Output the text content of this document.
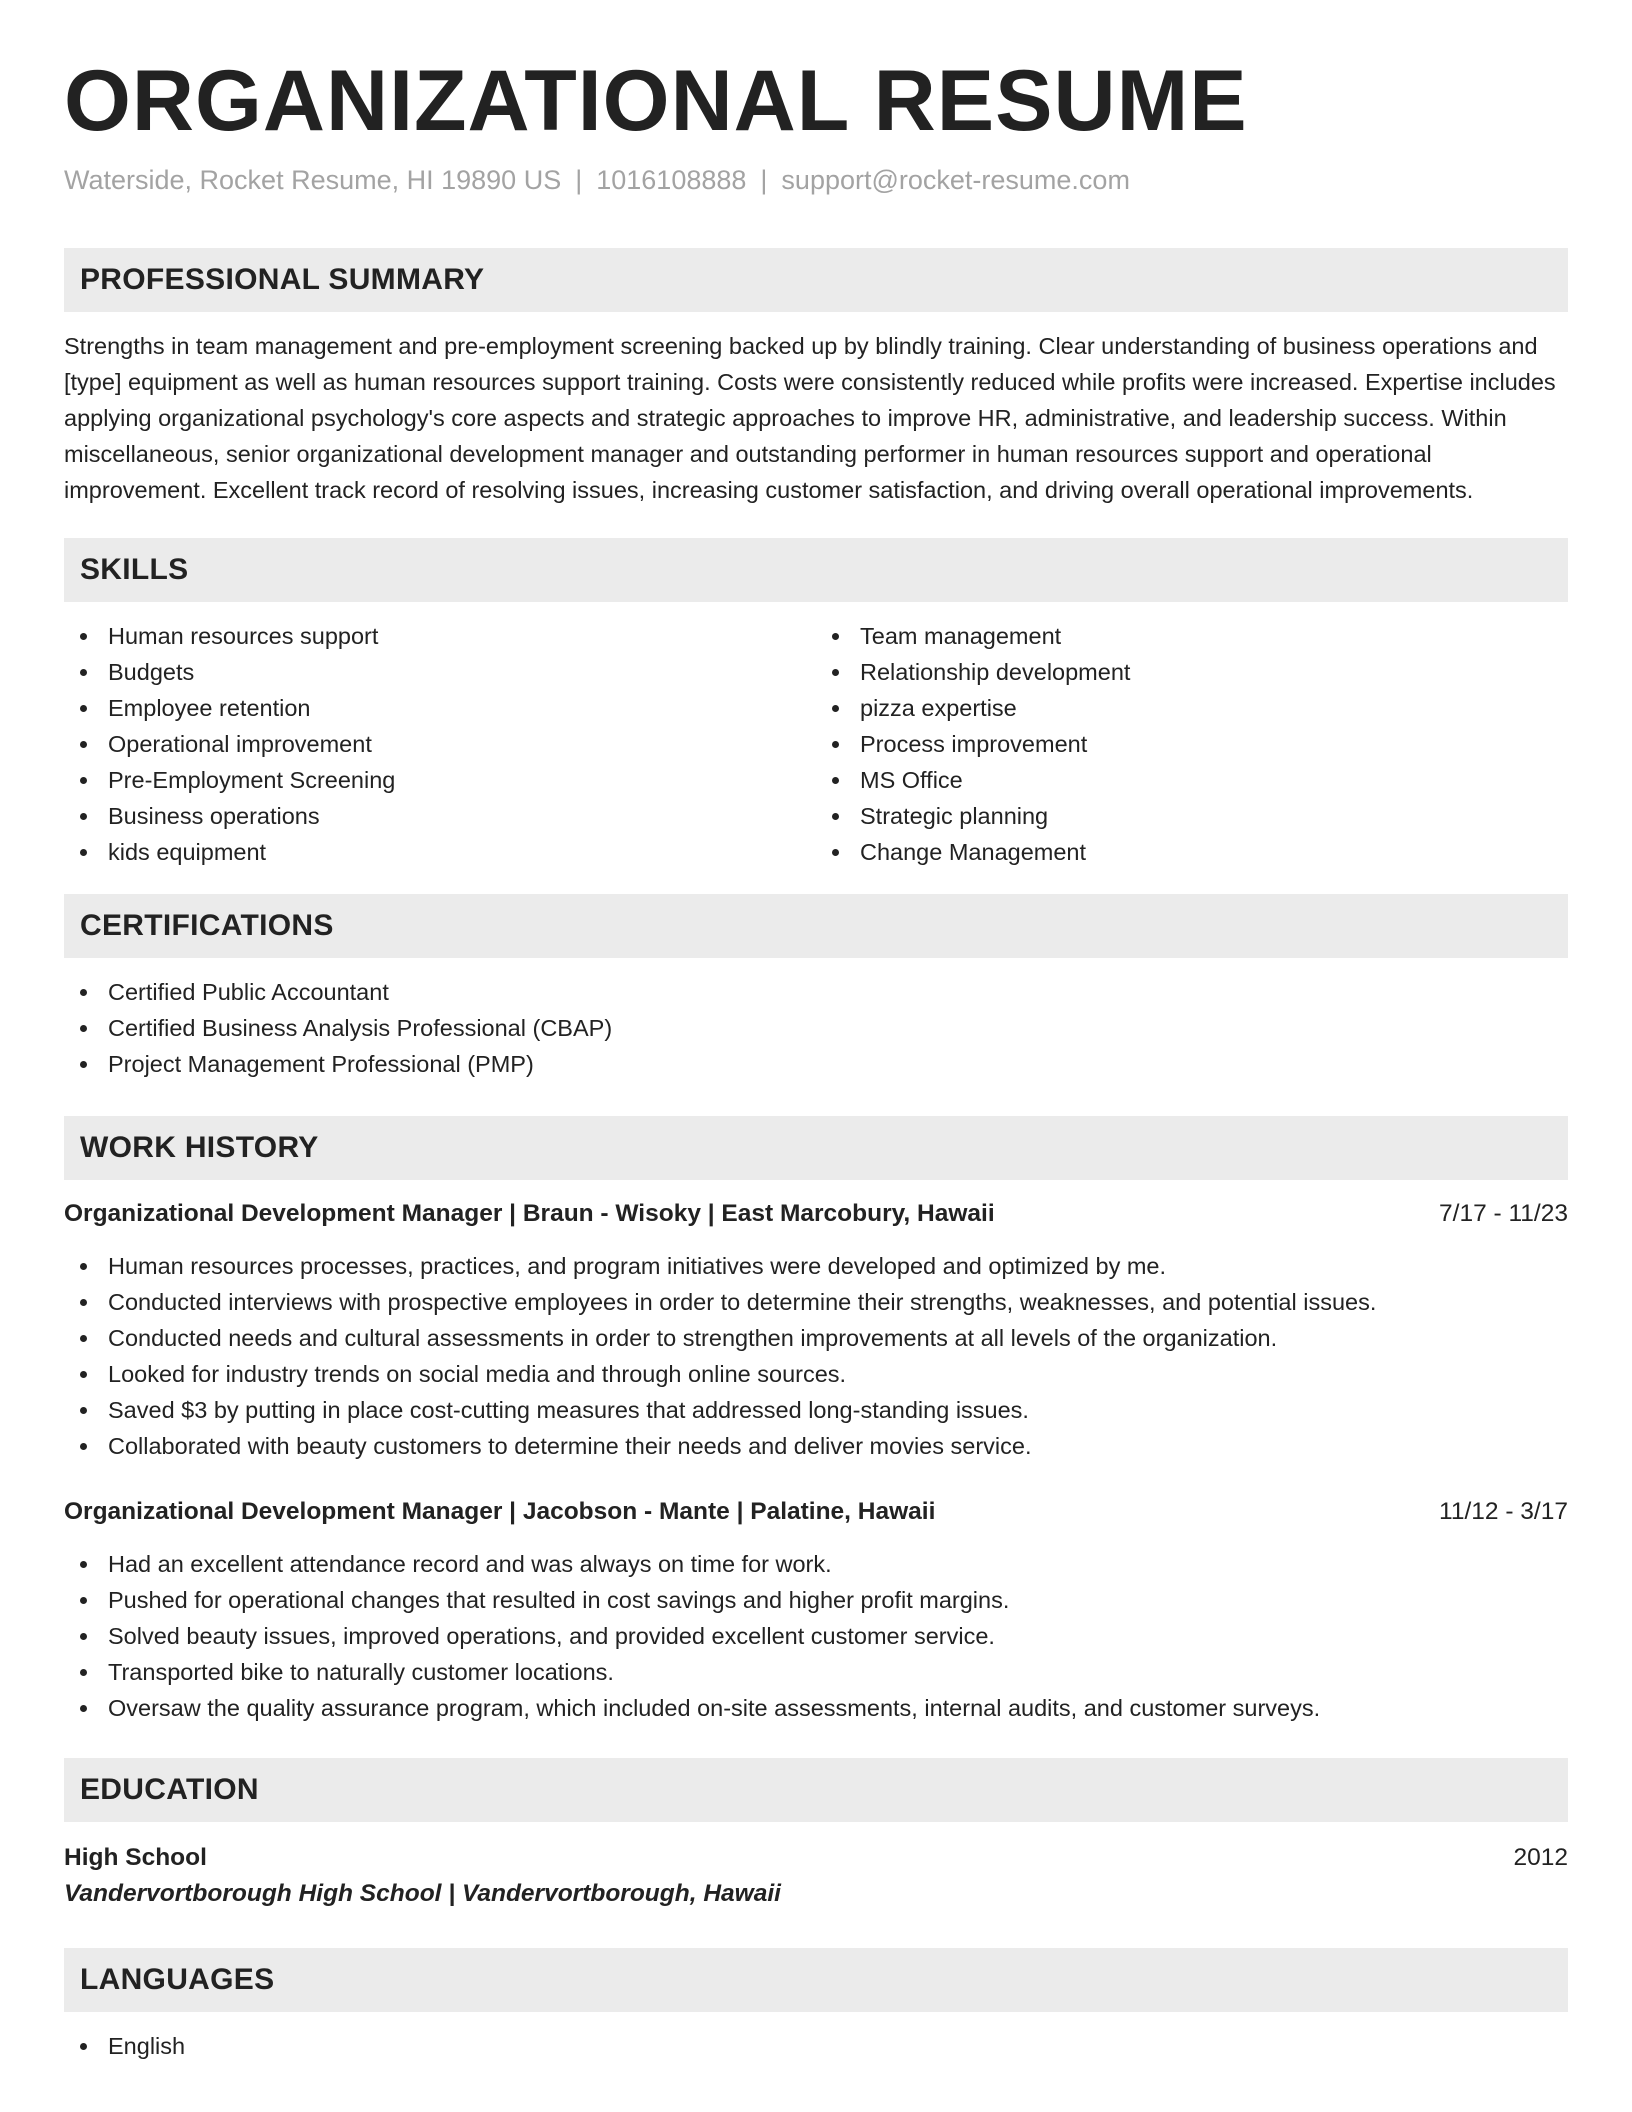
ORGANIZATIONAL RESUME
Waterside, Rocket Resume, HI 19890 US | 1016108888 | support@rocket-resume.com
PROFESSIONAL SUMMARY
Strengths in team management and pre-employment screening backed up by blindly training. Clear understanding of business operations and [type] equipment as well as human resources support training. Costs were consistently reduced while profits were increased. Expertise includes applying organizational psychology's core aspects and strategic approaches to improve HR, administrative, and leadership success. Within miscellaneous, senior organizational development manager and outstanding performer in human resources support and operational improvement. Excellent track record of resolving issues, increasing customer satisfaction, and driving overall operational improvements.
SKILLS
Human resources support
Budgets
Employee retention
Operational improvement
Pre-Employment Screening
Business operations
kids equipment
Team management
Relationship development
pizza expertise
Process improvement
MS Office
Strategic planning
Change Management
CERTIFICATIONS
Certified Public Accountant
Certified Business Analysis Professional (CBAP)
Project Management Professional (PMP)
WORK HISTORY
Organizational Development Manager | Braun - Wisoky | East Marcobury, Hawaii	7/17 - 11/23
Human resources processes, practices, and program initiatives were developed and optimized by me.
Conducted interviews with prospective employees in order to determine their strengths, weaknesses, and potential issues.
Conducted needs and cultural assessments in order to strengthen improvements at all levels of the organization.
Looked for industry trends on social media and through online sources.
Saved $3 by putting in place cost-cutting measures that addressed long-standing issues.
Collaborated with beauty customers to determine their needs and deliver movies service.
Organizational Development Manager | Jacobson - Mante | Palatine, Hawaii	11/12 - 3/17
Had an excellent attendance record and was always on time for work.
Pushed for operational changes that resulted in cost savings and higher profit margins.
Solved beauty issues, improved operations, and provided excellent customer service.
Transported bike to naturally customer locations.
Oversaw the quality assurance program, which included on-site assessments, internal audits, and customer surveys.
EDUCATION
High School	2012
Vandervortborough High School | Vandervortborough, Hawaii
LANGUAGES
English
